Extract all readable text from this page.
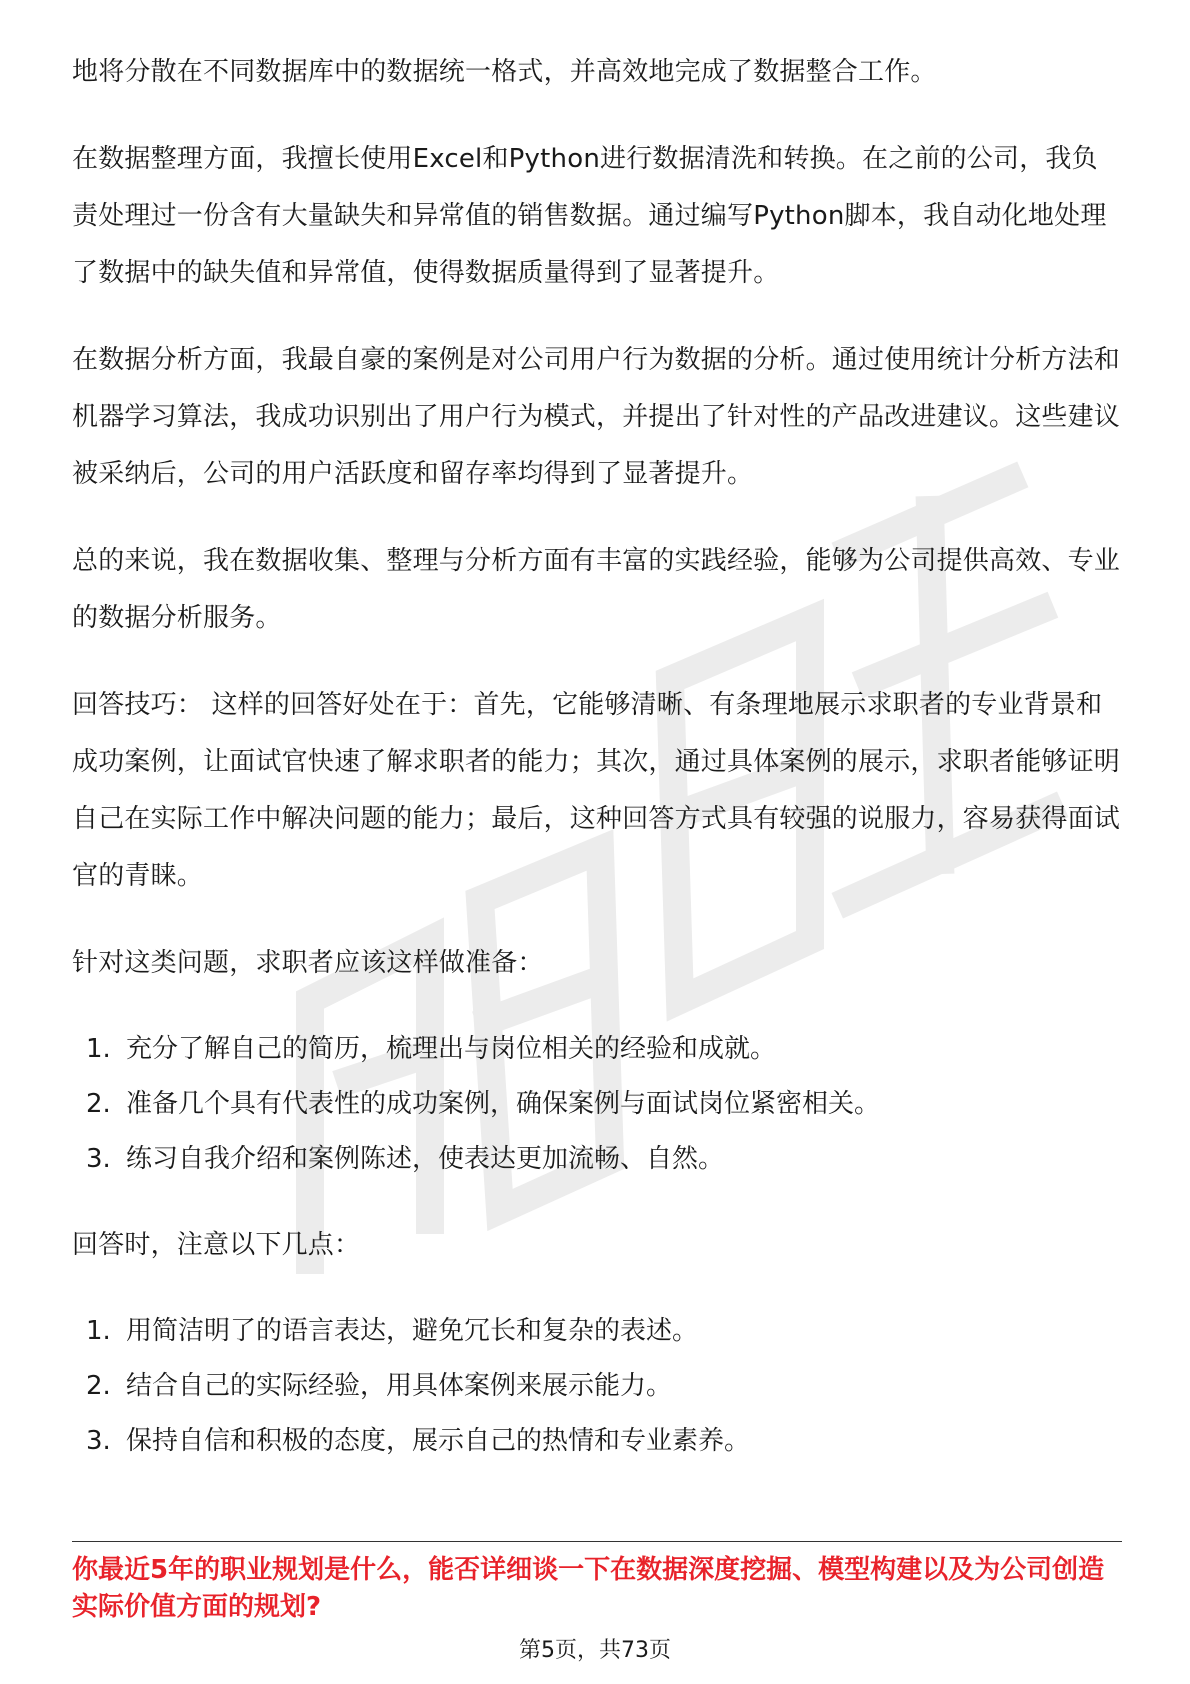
地将分散在不同数据库中的数据统一格式，并高效地完成了数据整合工作。

在数据整理方面，我擅长使用Excel和Python进行数据清洗和转换。在之前的公司，我负责处理过一份含有大量缺失和异常值的销售数据。通过编写Python脚本，我自动化地处理了数据中的缺失值和异常值，使得数据质量得到了显著提升。

在数据分析方面，我最自豪的案例是对公司用户行为数据的分析。通过使用统计分析方法和机器学习算法，我成功识别出了用户行为模式，并提出了针对性的产品改进建议。这些建议被采纳后，公司的用户活跃度和留存率均得到了显著提升。

总的来说，我在数据收集、整理与分析方面有丰富的实践经验，能够为公司提供高效、专业的数据分析服务。

回答技巧： 这样的回答好处在于：首先，它能够清晰、有条理地展示求职者的专业背景和成功案例，让面试官快速了解求职者的能力；其次，通过具体案例的展示，求职者能够证明自己在实际工作中解决问题的能力；最后，这种回答方式具有较强的说服力，容易获得面试官的青睐。

针对这类问题，求职者应该这样做准备：

1. 充分了解自己的简历，梳理出与岗位相关的经验和成就。
2. 准备几个具有代表性的成功案例，确保案例与面试岗位紧密相关。
3. 练习自我介绍和案例陈述，使表达更加流畅、自然。

回答时，注意以下几点：

1. 用简洁明了的语言表达，避免冗长和复杂的表述。
2. 结合自己的实际经验，用具体案例来展示能力。
3. 保持自信和积极的态度，展示自己的热情和专业素养。

你最近5年的职业规划是什么，能否详细谈一下在数据深度挖掘、模型构建以及为公司创造实际价值方面的规划?

第5页，共73页
